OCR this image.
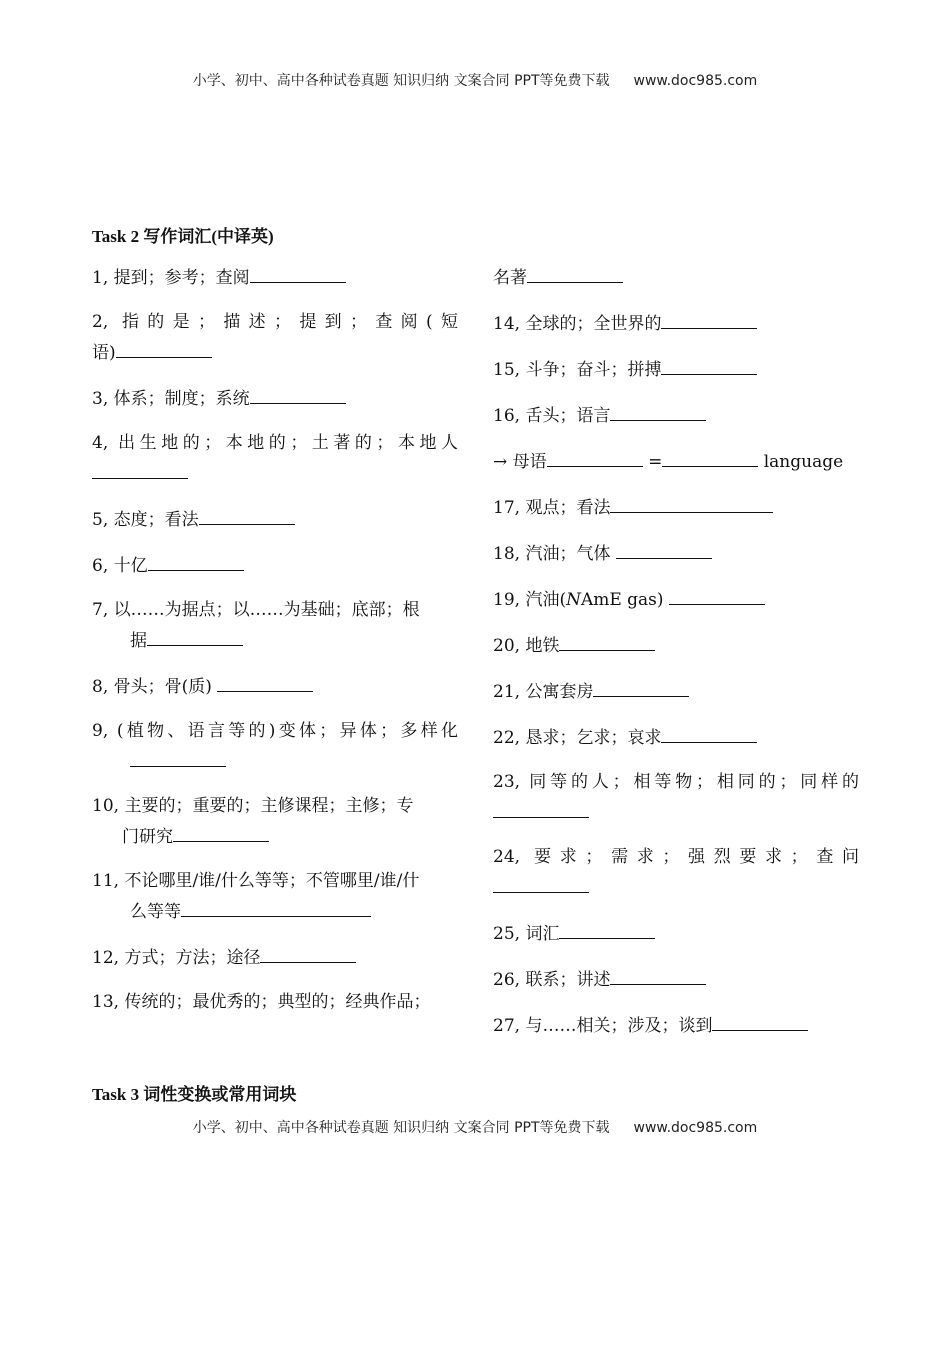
小学、初中、高中各种试卷真题 知识归纳 文案合同 PPT等免费下载 www.doc985.com
Task 2 写作词汇(中译英)
1, 提到；参考；查阅
2, 指的是；描述；提到；查阅(短
语)
3, 体系；制度；系统
4, 出生地的；本地的；土著的；本地人
5, 态度；看法
6, 十亿
7, 以……为据点；以……为基础；底部；根
据
8, 骨头；骨(质)
9, (植物、语言等的)变体；异体；多样化
10, 主要的；重要的；主修课程；主修；专
门研究
11, 不论哪里/谁/什么等等；不管哪里/谁/什
么等等
12, 方式；方法；途径
13, 传统的；最优秀的；典型的；经典作品；
名著
14, 全球的；全世界的
15, 斗争；奋斗；拼搏
16, 舌头；语言
→ 母语	=	language
17, 观点；看法
18, 汽油；气体
19, 汽油(NAmE gas)
20, 地铁
21, 公寓套房
22, 恳求；乞求；哀求
23, 同等的人；相等物；相同的；同样的
24, 要求；需求；强烈要求；查问
25, 词汇
26, 联系；讲述
27, 与……相关；涉及；谈到
Task 3 词性变换或常用词块
小学、初中、高中各种试卷真题 知识归纳 文案合同 PPT等免费下载 www.doc985.com
